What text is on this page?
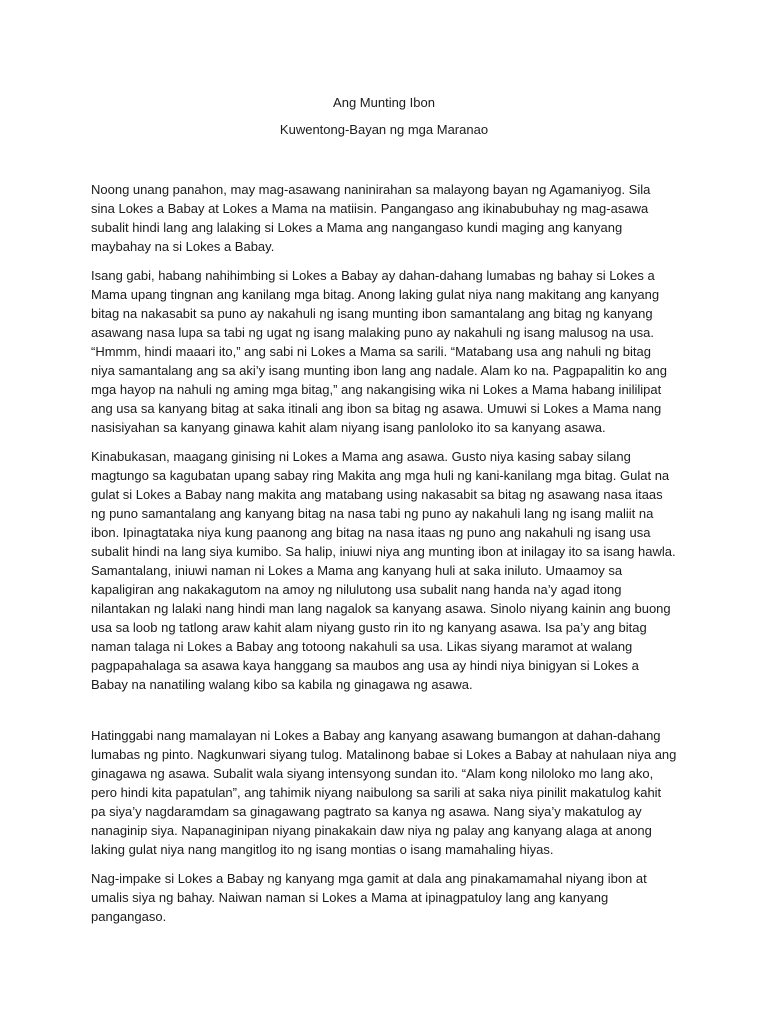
Ang Munting Ibon
Kuwentong-Bayan ng mga Maranao

Noong unang panahon, may mag-asawang naninirahan sa malayong bayan ng Agamaniyog. Sila sina Lokes a Babay at Lokes a Mama na matiisin. Pangangaso ang ikinabubuhay ng mag-asawa subalit hindi lang ang lalaking si Lokes a Mama ang nangangaso kundi maging ang kanyang maybahay na si Lokes a Babay.

Isang gabi, habang nahihimbing si Lokes a Babay ay dahan-dahang lumabas ng bahay si Lokes a Mama upang tingnan ang kanilang mga bitag. Anong laking gulat niya nang makitang ang kanyang bitag na nakasabit sa puno ay nakahuli ng isang munting ibon samantalang ang bitag ng kanyang asawang nasa lupa sa tabi ng ugat ng isang malaking puno ay nakahuli ng isang malusog na usa. “Hmmm, hindi maaari ito,” ang sabi ni Lokes a Mama sa sarili. “Matabang usa ang nahuli ng bitag niya samantalang ang sa aki’y isang munting ibon lang ang nadale. Alam ko na. Pagpapalitin ko ang mga hayop na nahuli ng aming mga bitag,” ang nakangising wika ni Lokes a Mama habang inililipat ang usa sa kanyang bitag at saka itinali ang ibon sa bitag ng asawa. Umuwi si Lokes a Mama nang nasisiyahan sa kanyang ginawa kahit alam niyang isang panloloko ito sa kanyang asawa.

Kinabukasan, maagang ginising ni Lokes a Mama ang asawa. Gusto niya kasing sabay silang magtungo sa kagubatan upang sabay ring Makita ang mga huli ng kani-kanilang mga bitag. Gulat na gulat si Lokes a Babay nang makita ang matabang using nakasabit sa bitag ng asawang nasa itaas ng puno samantalang ang kanyang bitag na nasa tabi ng puno ay nakahuli lang ng isang maliit na ibon. Ipinagtataka niya kung paanong ang bitag na nasa itaas ng puno ang nakahuli ng isang usa subalit hindi na lang siya kumibo. Sa halip, iniuwi niya ang munting ibon at inilagay ito sa isang hawla. Samantalang, iniuwi naman ni Lokes a Mama ang kanyang huli at saka iniluto. Umaamoy sa kapaligiran ang nakakagutom na amoy ng nilulutong usa subalit nang handa na’y agad itong nilantakan ng lalaki nang hindi man lang nagalok sa kanyang asawa. Sinolo niyang kainin ang buong usa sa loob ng tatlong araw kahit alam niyang gusto rin ito ng kanyang asawa. Isa pa’y ang bitag naman talaga ni Lokes a Babay ang totoong nakahuli sa usa. Likas siyang maramot at walang pagpapahalaga sa asawa kaya hanggang sa maubos ang usa ay hindi niya binigyan si Lokes a Babay na nanatiling walang kibo sa kabila ng ginagawa ng asawa.

Hatinggabi nang mamalayan ni Lokes a Babay ang kanyang asawang bumangon at dahan-dahang lumabas ng pinto. Nagkunwari siyang tulog. Matalinong babae si Lokes a Babay at nahulaan niya ang ginagawa ng asawa. Subalit wala siyang intensyong sundan ito. “Alam kong niloloko mo lang ako, pero hindi kita papatulan”, ang tahimik niyang naibulong sa sarili at saka niya pinilit makatulog kahit pa siya’y nagdaramdam sa ginagawang pagtrato sa kanya ng asawa. Nang siya’y makatulog ay nanaginip siya. Napanaginipan niyang pinakakain daw niya ng palay ang kanyang alaga at anong laking gulat niya nang mangitlog ito ng isang montias o isang mamahaling hiyas.

Nag-impake si Lokes a Babay ng kanyang mga gamit at dala ang pinakamamahal niyang ibon at umalis siya ng bahay. Naiwan naman si Lokes a Mama at ipinagpatuloy lang ang kanyang pangangaso.
